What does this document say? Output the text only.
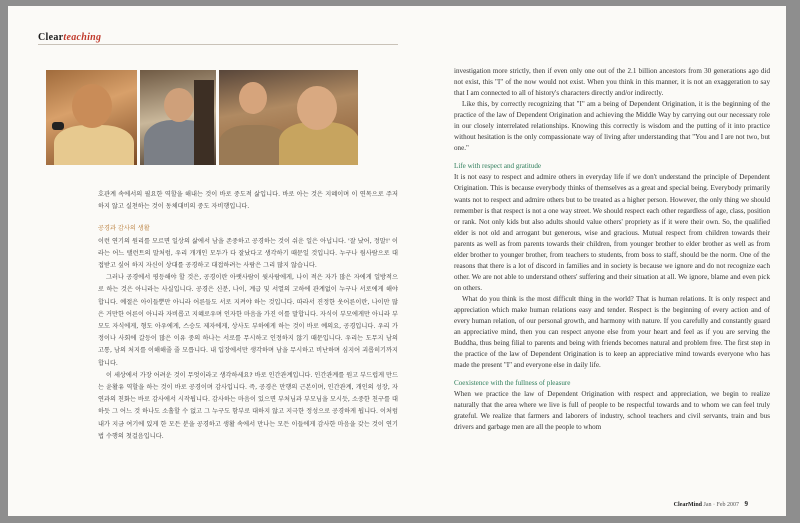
Clearteaching

호관계 속에서의 필요한 역할을 해내는 것이 바로 중도적 삶입니다. 바로 아는 것은 지혜이며 이 연목으로 주저하지 않고 실천하는 것이 동체대비의 중도 자비행입니다.

공경과 감사의 생활

이런 연기의 원리를 모르면 일상의 삶에서 남을 존중하고 공경하는 것이 쉬운 일은 아닙니다. '잘 났어, 정말!' 이라는 어느 탤런트의 말처럼, 우리 개개인 모두가 다 잘났다고 생각하기 때문일 것입니다. 누구나 웜사람으로 대접받고 싶어 하지 자신이 상대를 공경하고 대접하려는 사람은 그리 많지 않습니다.

그러나 공경에서 평등해야 할 것은, 공경이란 아랫사람이 윗사람에게, 나이 적은 자가 많은 자에게 일방적으로 하는 것은 아니라는 사실입니다. 공경은 신분, 나이, 계급 및 서열의 고하에 관계없이 누구나 서로에게 해야 합니다. 예절은 아이들뿐만 아니라 어른들도 서로 지켜야 하는 것입니다. 따라서 진정한 웃어른이란, 나이만 많은 거만한 어른이 아니라 자비롭고 지혜로우며 인자한 마음을 가진 이를 말합니다. 자식이 부모에게만 아니라 부모도 자식에게, 형도 아우에게, 스승도 제자에게, 상사도 부하에게 하는 것이 바로 예의요, 공경입니다. 우리 가정이나 사회에 갈등이 많은 이유 중의 하나는 서로를 무시하고 인정하지 않기 때문입니다. 우리는 도무지 남의 고통, 남의 처지를 이해해줄 줄 모릅니다. 내 입장에서만 생각하며 남을 무시하고 비난하며 심지어 괴롭히기까지 합니다.

이 세상에서 가장 어려운 것이 무엇이라고 생각하세요? 바로 인간관계입니다. 인간관계를 원고 부드럽게 만드는 윤활유 역할을 하는 것이 바로 공경이며 감사입니다. 즉, 공경은 만행의 근본이며, 인간관계, 개인의 성장, 자연과의 친화는 바로 감사에서 시작됩니다. 감사하는 마음이 있으면 부처님과 부모님을 모시듯, 소중한 친구를 대하듯 그 어느 것 하나도 소홀할 수 없고 그 누구도 함부로 대하지 않고 지극한 정성으로 공경하게 됩니다. 이처럼 내가 지금 여기에 있게 한 모든 분을 공경하고 생활 속에서 만나는 모든 이들에게 감사한 마음을 갖는 것이 연기법 수행의 첫걸음입니다.

investigation more strictly, then if even only one out of the 2.1 billion ancestors from 30 generations ago did not exist, this "I" of the now would not exist. When you think in this manner, it is not an exaggeration to say that I am connected to all of history's characters directly and/or indirectly.

Like this, by correctly recognizing that "I" am a being of Dependent Origination, it is the beginning of the practice of the law of Dependent Origination and achieving the Middle Way by carrying out our necessary role in our closely interrelated relationships. Knowing this correctly is wisdom and the putting of it into practice without hesitation is the only compassionate way of living after understanding that "You and I are not two, but one."

Life with respect and gratitude

It is not easy to respect and admire others in everyday life if we don't understand the principle of Dependent Origination. This is because everybody thinks of themselves as a great and special being. Everybody primarily wants not to respect and admire others but to be treated as a higher person. However, the only thing we should remember is that respect is not a one way street. We should respect each other regardless of age, class, position or rank. Not only kids but also adults should value others' propriety as if it were their own. So, the qualified elder is not old and arrogant but generous, wise and gracious. Mutual respect from children towards their parents as well as from parents towards their children, from younger brother to elder brother as well as from elder brother to younger brother, from teachers to students, from boss to staff, should be the norm. One of the reasons that there is a lot of discord in families and in society is because we ignore and do not recognize each other. We are not able to understand others' suffering and their situation at all. We ignore, blame and even pick on others.

What do you think is the most difficult thing in the world? That is human relations. It is only respect and appreciation which make human relations easy and tender. Respect is the beginning of every action and of every human relation, of our personal growth, and harmony with nature. If you carefully and constantly guard an appreciative mind, then you can respect anyone else from your heart and feel as if you are serving the Buddha, thus being filial to parents and being with friends becomes natural and problem free. The first step in the practice of the law of Dependent Origination is to keep an appreciative mind towards everyone who has made the present "I" and everyone else in daily life.

Coexistence with the fullness of pleasure

When we practice the law of Dependent Origination with respect and appreciation, we begin to realize naturally that the area where we live is full of people to be respectful towards and to whom we can feel truly grateful. We realize that farmers and laborers of industry, school teachers and civil servants, train and bus drivers and garbage men are all the people to whom

ClearMind Jan · Feb 2007 9
